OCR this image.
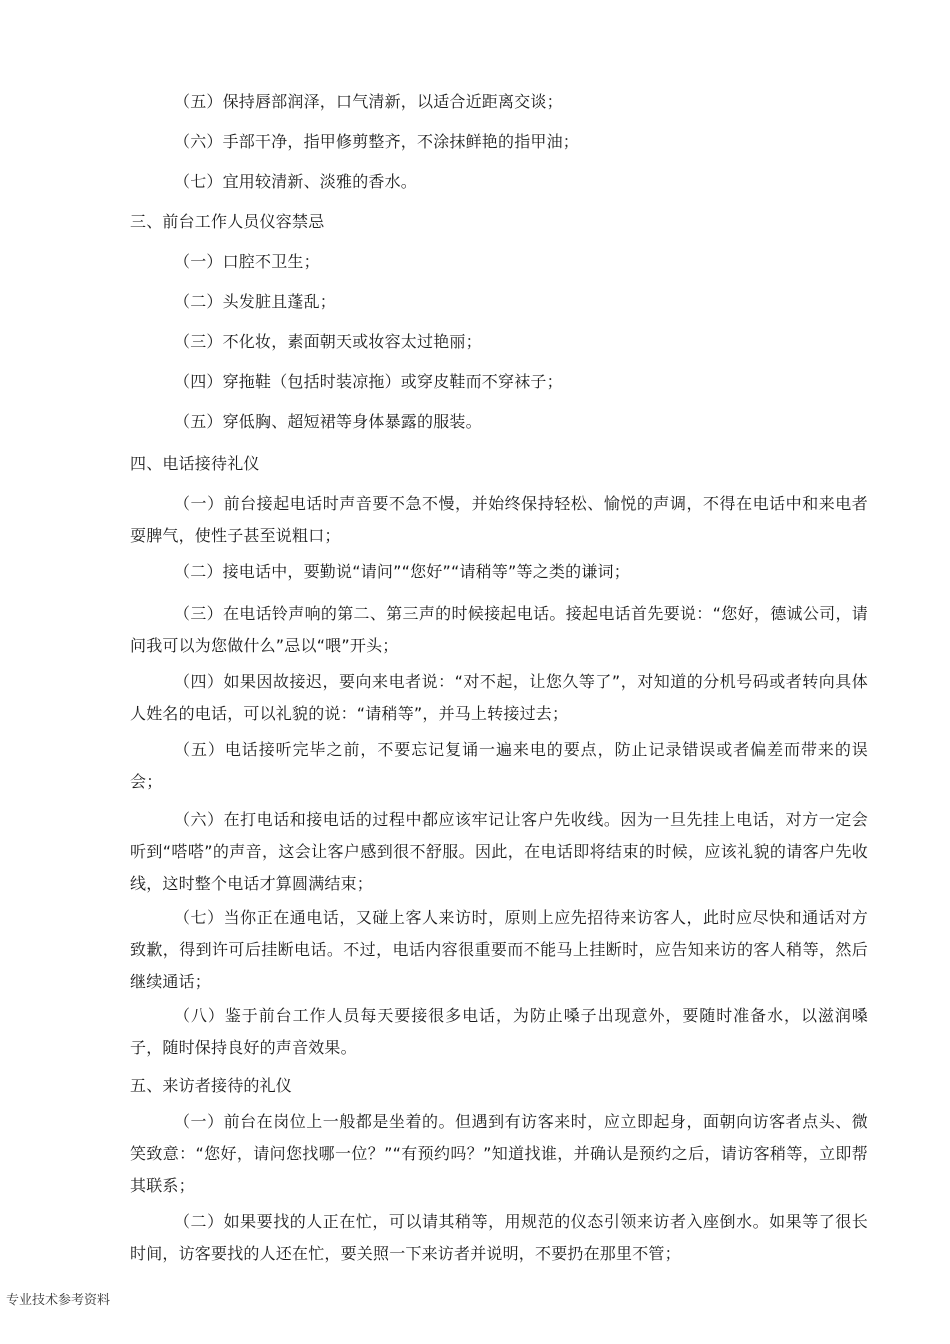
（五）保持唇部润泽，口气清新，以适合近距离交谈；
（六）手部干净，指甲修剪整齐，不涂抹鲜艳的指甲油；
（七）宜用较清新、淡雅的香水。
三、前台工作人员仪容禁忌
（一）口腔不卫生；
（二）头发脏且蓬乱；
（三）不化妆，素面朝天或妆容太过艳丽；
（四）穿拖鞋（包括时装凉拖）或穿皮鞋而不穿袜子；
（五）穿低胸、超短裙等身体暴露的服装。
四、电话接待礼仪

（一）前台接起电话时声音要不急不慢，并始终保持轻松、愉悦的声调，不得在电话中和来电者耍脾气，使性子甚至说粗口；

（二）接电话中，要勤说“请问”“您好”“请稍等”等之类的谦词；

（三）在电话铃声响的第二、第三声的时候接起电话。接起电话首先要说：“您好，德诚公司，请问我可以为您做什么”忌以“喂”开头；

（四）如果因故接迟，要向来电者说：“对不起，让您久等了”，对知道的分机号码或者转向具体人姓名的电话，可以礼貌的说：“请稍等”，并马上转接过去；

（五）电话接听完毕之前，不要忘记复诵一遍来电的要点，防止记录错误或者偏差而带来的误会；

（六）在打电话和接电话的过程中都应该牢记让客户先收线。因为一旦先挂上电话，对方一定会听到“嗒嗒”的声音，这会让客户感到很不舒服。因此，在电话即将结束的时候，应该礼貌的请客户先收线，这时整个电话才算圆满结束；

（七）当你正在通电话，又碰上客人来访时，原则上应先招待来访客人，此时应尽快和通话对方致歉，得到许可后挂断电话。不过，电话内容很重要而不能马上挂断时，应告知来访的客人稍等，然后继续通话；

（八）鉴于前台工作人员每天要接很多电话，为防止嗓子出现意外，要随时准备水，以滋润嗓子，随时保持良好的声音效果。

五、来访者接待的礼仪

（一）前台在岗位上一般都是坐着的。但遇到有访客来时，应立即起身，面朝向访客者点头、微笑致意：“您好，请问您找哪一位？”“有预约吗？”知道找谁，并确认是预约之后，请访客稍等，立即帮其联系；

（二）如果要找的人正在忙，可以请其稍等，用规范的仪态引领来访者入座倒水。如果等了很长时间，访客要找的人还在忙，要关照一下来访者并说明，不要扔在那里不管；

专业技术参考资料
